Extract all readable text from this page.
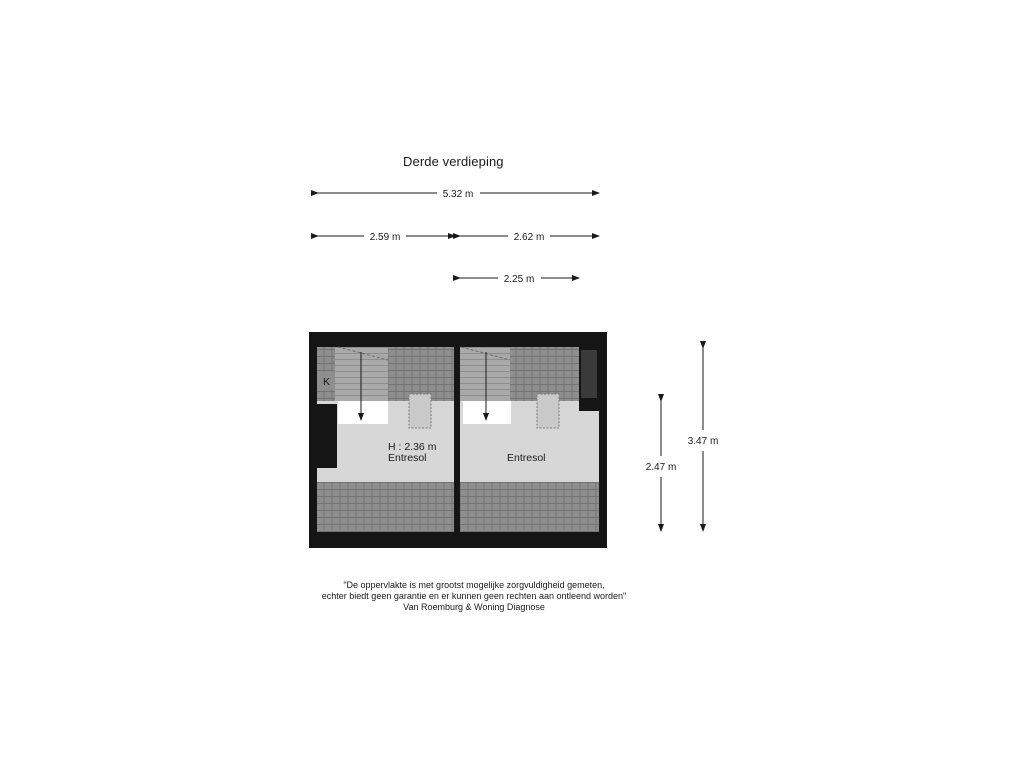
Derde verdieping
5.32 m
2.59 m	2.62 m
2.25 m
2.47 m
3.47 m
K
H : 2.36 m
Entresol	Entresol
"De oppervlakte is met grootst mogelijke zorgvuldigheid gemeten,
echter biedt geen garantie en er kunnen geen rechten aan ontleend worden"
Van Roemburg & Woning Diagnose
